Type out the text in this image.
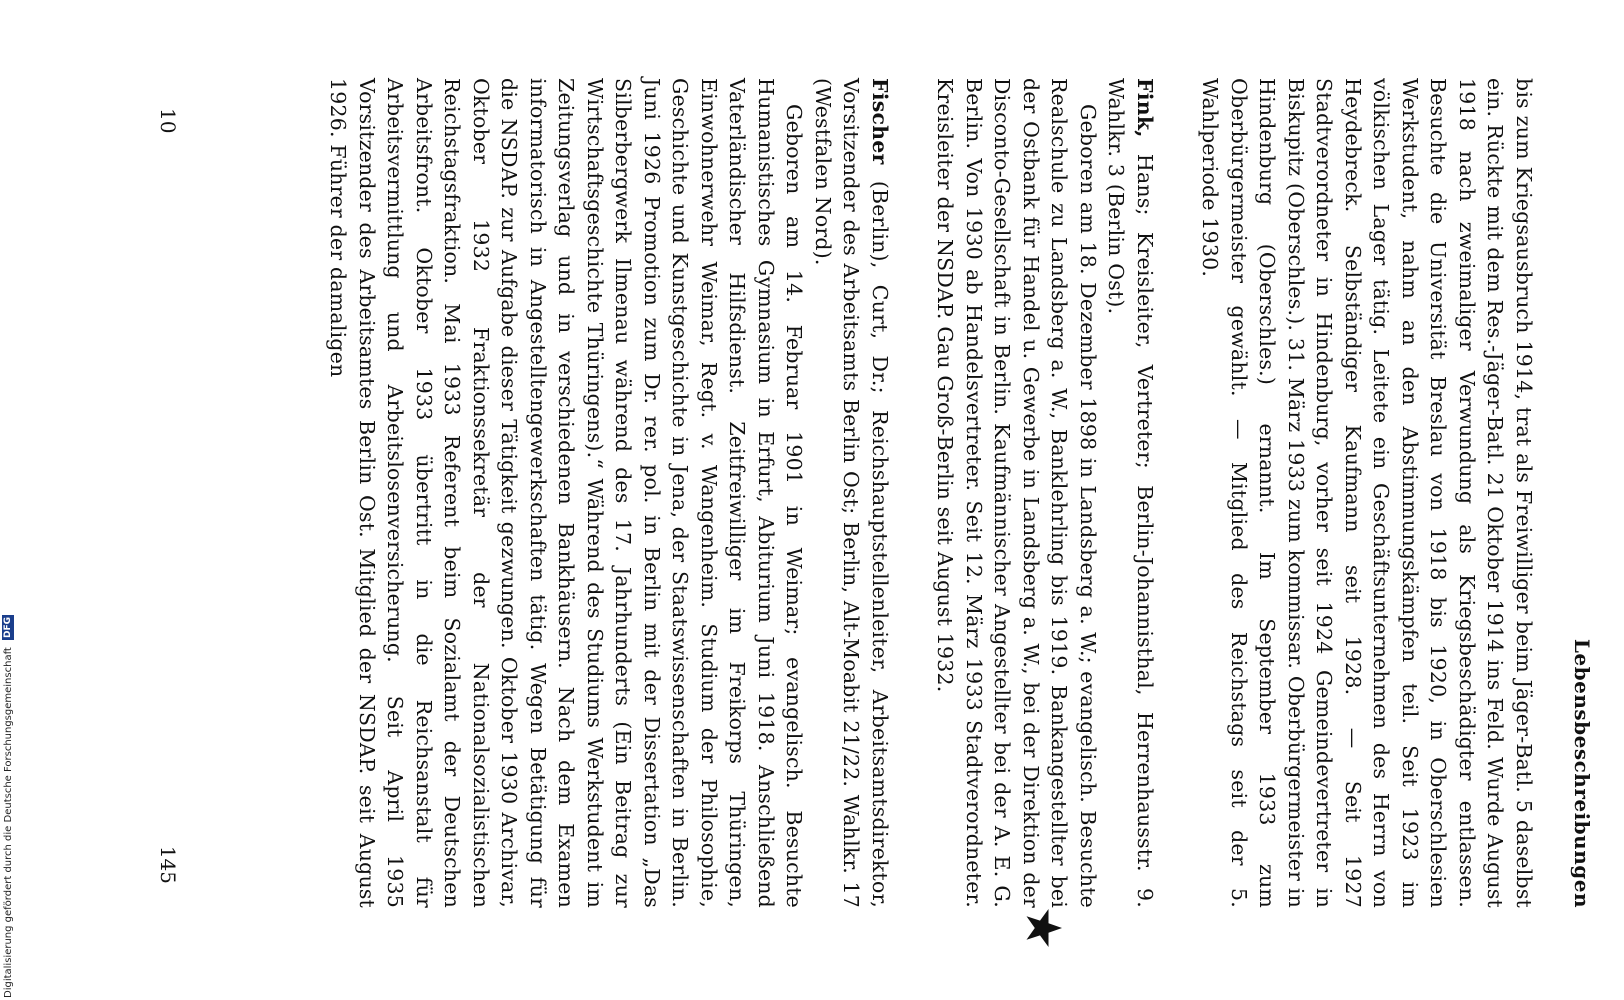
Lebensbeschreibungen

bis zum Kriegsausbruch 1914, trat als Freiwilliger beim Jäger-Batl. 5 daselbst ein. Rückte mit dem Res.-Jäger-Batl. 21 Oktober 1914 ins Feld. Wurde August 1918 nach zweimaliger Verwundung als Kriegsbeschädigter entlassen. Besuchte die Universität Breslau von 1918 bis 1920, in Oberschlesien Werkstudent, nahm an den Abstimmungskämpfen teil. Seit 1923 im völkischen Lager tätig. Leitete ein Geschäftsunternehmen des Herrn von Heydebreck. Selbständiger Kaufmann seit 1928. — Seit 1927 Stadtverordneter in Hindenburg, vorher seit 1924 Gemeindevertreter in Biskupitz (Oberschles.). 31. März 1933 zum kommissar. Oberbürgermeister in Hindenburg (Oberschles.) ernannt. Im September 1933 zum Oberbürgermeister gewählt. — Mitglied des Reichstags seit der 5. Wahlperiode 1930.

Fink, Hans; Kreisleiter, Vertreter; Berlin-Johannisthal, Herrenhausstr. 9. Wahlkr. 3 (Berlin Ost).

Geboren am 18. Dezember 1898 in Landsberg a. W.; evangelisch. Besuchte Realschule zu Landsberg a. W., Banklehrling bis 1919. Bankangestellter bei der Ostbank für Handel u. Gewerbe in Landsberg a. W., bei der Direktion der Disconto-Gesellschaft in Berlin. Kaufmännischer Angestellter bei der A. E. G. Berlin. Von 1930 ab Handelsvertreter. Seit 12. März 1933 Stadtverordneter. Kreisleiter der NSDAP. Gau Groß-Berlin seit August 1932.

Fischer (Berlin), Curt, Dr.; Reichshauptstellenleiter, Arbeitsamtsdirektor, Vorsitzender des Arbeitsamts Berlin Ost; Berlin, Alt-Moabit 21/22. Wahlkr. 17 (Westfalen Nord).

Geboren am 14. Februar 1901 in Weimar; evangelisch. Besuchte Humanistisches Gymnasium in Erfurt, Abiturium Juni 1918. Anschließend Vaterländischer Hilfsdienst. Zeitfreiwilliger im Freikorps Thüringen, Einwohnerwehr Weimar, Regt. v. Wangenheim. Studium der Philosophie, Geschichte und Kunstgeschichte in Jena, der Staatswissenschaften in Berlin. Juni 1926 Promotion zum Dr. rer. pol. in Berlin mit der Dissertation „Das Silberbergwerk Ilmenau während des 17. Jahrhunderts (Ein Beitrag zur Wirtschaftsgeschichte Thüringens).“ Während des Studiums Werkstudent im Zeitungsverlag und in verschiedenen Bankhäusern. Nach dem Examen informatorisch in Angestelltengewerkschaften tätig. Wegen Betätigung für die NSDAP. zur Aufgabe dieser Tätigkeit gezwungen. Oktober 1930 Archivar, Oktober 1932 Fraktionssekretär der Nationalsozialistischen Reichstagsfraktion. Mai 1933 Referent beim Sozialamt der Deutschen Arbeitsfront. Oktober 1933 übertritt in die Reichsanstalt für Arbeitsvermittlung und Arbeitslosenversicherung. Seit April 1935 Vorsitzender des Arbeitsamtes Berlin Ost. Mitglied der NSDAP. seit August 1926. Führer der damaligen

10
145
Digitalisierung gefördert durch die Deutsche Forschungsgemeinschaft DFG
